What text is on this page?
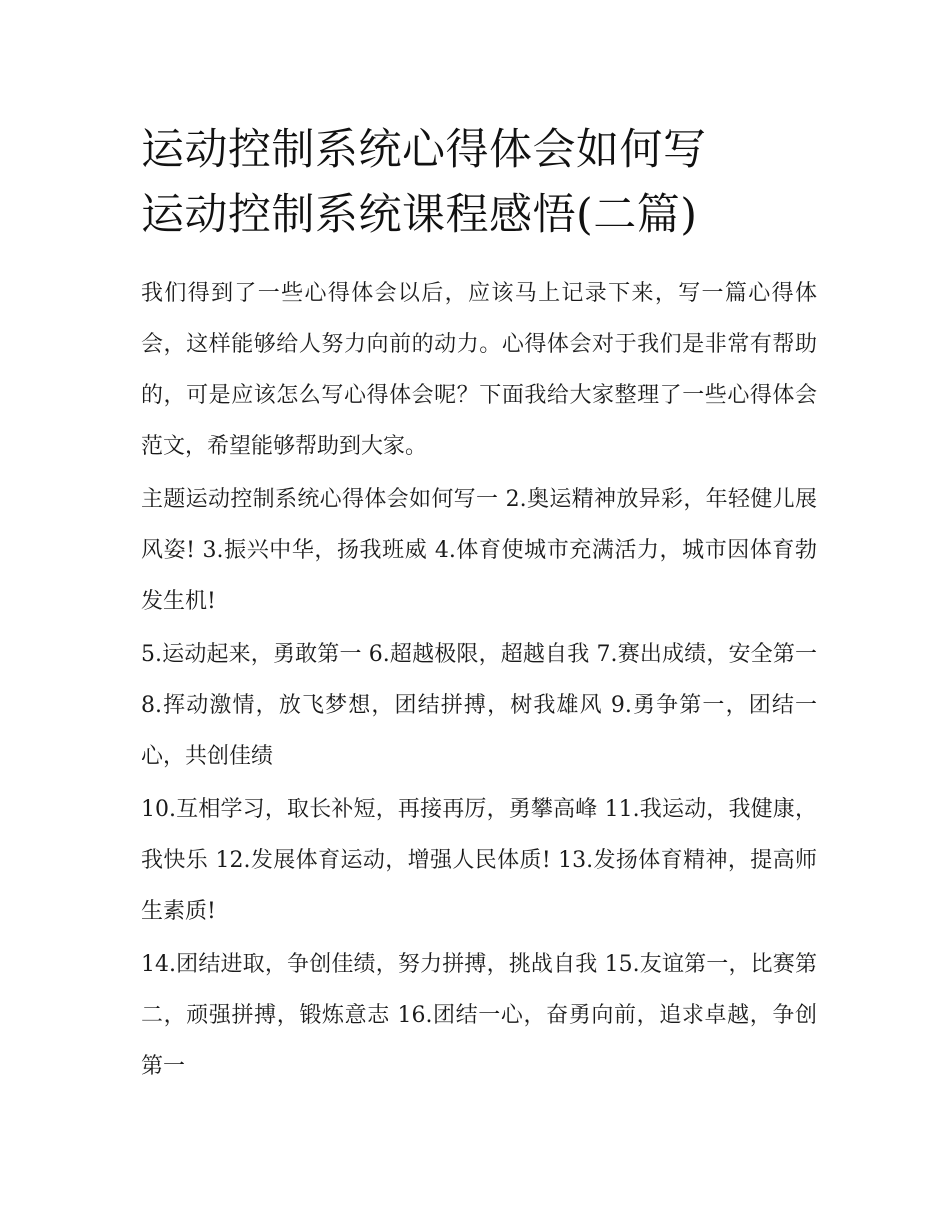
运动控制系统心得体会如何写
运动控制系统课程感悟(二篇)

我们得到了一些心得体会以后，应该马上记录下来，写一篇心得体会，这样能够给人努力向前的动力。心得体会对于我们是非常有帮助的，可是应该怎么写心得体会呢？下面我给大家整理了一些心得体会范文，希望能够帮助到大家。

主题运动控制系统心得体会如何写一 2.奥运精神放异彩，年轻健儿展风姿! 3.振兴中华，扬我班威 4.体育使城市充满活力，城市因体育勃发生机!

5.运动起来，勇敢第一 6.超越极限，超越自我 7.赛出成绩，安全第一 8.挥动激情，放飞梦想，团结拼搏，树我雄风 9.勇争第一，团结一心，共创佳绩

10.互相学习，取长补短，再接再厉，勇攀高峰 11.我运动，我健康，我快乐 12.发展体育运动，增强人民体质! 13.发扬体育精神，提高师生素质!

14.团结进取，争创佳绩，努力拼搏，挑战自我 15.友谊第一，比赛第二，顽强拼搏，锻炼意志 16.团结一心，奋勇向前，追求卓越，争创第一
